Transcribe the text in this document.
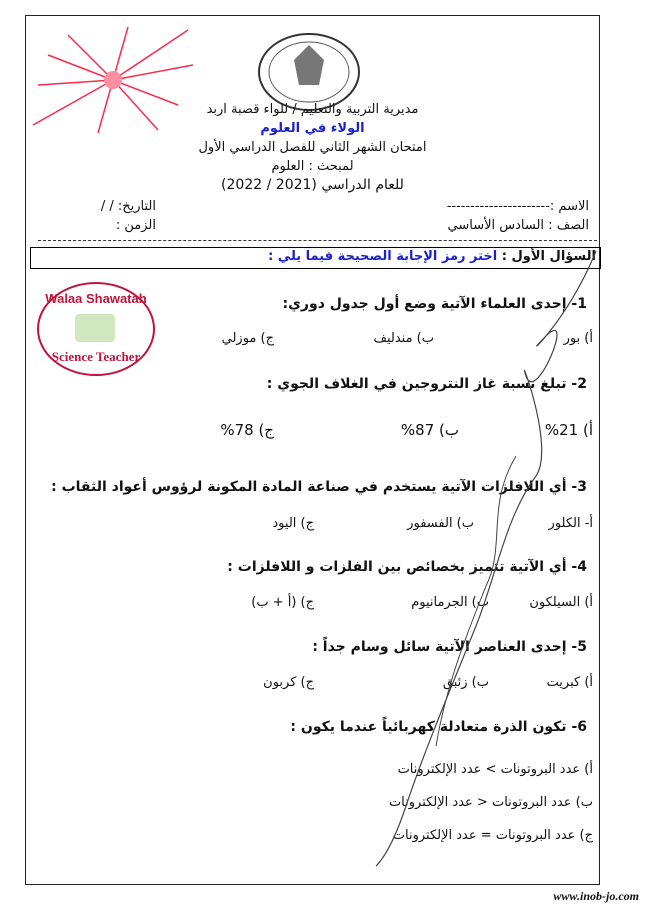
مديرية التربية والتعليم / للواء قصبة اربد
الولاء في العلوم
امتحان الشهر الثاني للفصل الدراسي الأول
لمبحث : العلوم
للعام الدراسي (2021 / 2022)
الاسم :----------------------
الصف : السادس الأساسي
التاريخ: / /
الزمن :
السؤال الأول : اختر رمز الإجابة الصحيحة فيما يلي :
Walaa Shawatah
Science Teacher
1- إحدى العلماء الآتية وضع أول جدول دوري:
أ) بور
ب) مندليف
ج) موزلي
2- تبلغ نسبة غاز النتروجين في الغلاف الجوي :
أ) 21%
ب) 87%
ج) 78%
3- أي اللافلزات الآتية يستخدم في صناعة المادة المكونة لرؤوس أعواد الثقاب :
أ- الكلور
ب) الفسفور
ج) اليود
4- أي الآتية تتميز بخصائص بين الفلزات و اللافلزات :
أ) السيلكون
ب) الجرمانيوم
ج) (أ + ب)
5- إحدى العناصر الآتية سائل وسام جداً :
أ) كبريت
ب) زئبق
ج) كربون
6- تكون الذرة متعادلة كهربائياً عندما يكون :
أ) عدد البروتونات > عدد الإلكترونات
ب) عدد البروتونات < عدد الإلكترونات
ج) عدد البروتونات = عدد الإلكترونات
www.inob-jo.com
